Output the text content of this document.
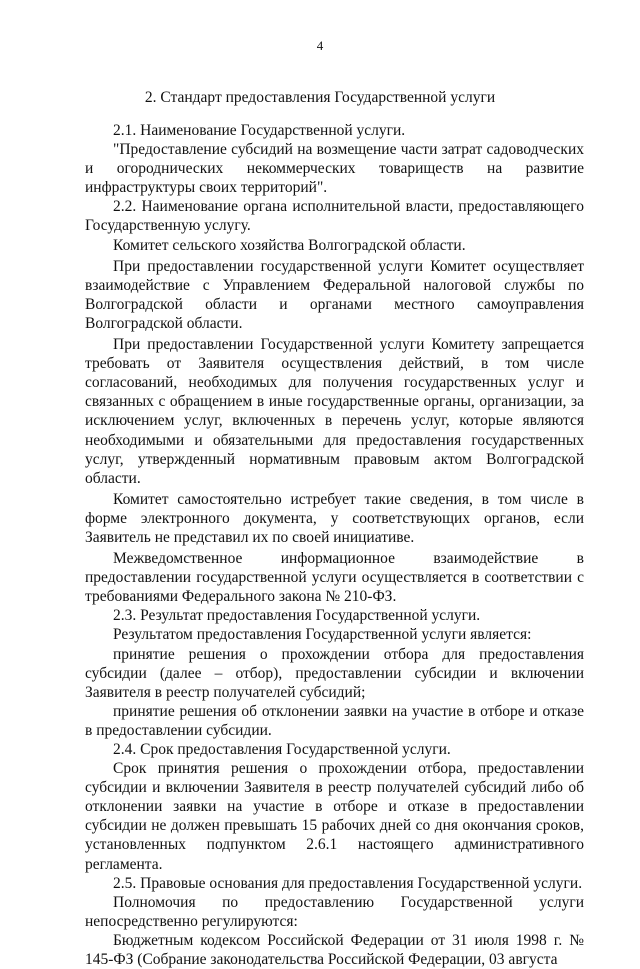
4
2. Стандарт предоставления Государственной услуги

2.1. Наименование Государственной услуги.

"Предоставление субсидий на возмещение части затрат садоводческих и огороднических некоммерческих товариществ на развитие инфраструктуры своих территорий".

2.2. Наименование органа исполнительной власти, предоставляющего Государственную услугу.

Комитет сельского хозяйства Волгоградской области.

При предоставлении государственной услуги Комитет осуществляет взаимодействие с Управлением Федеральной налоговой службы по Волгоградской области и органами местного самоуправления Волгоградской области.

При предоставлении Государственной услуги Комитету запрещается требовать от Заявителя осуществления действий, в том числе согласований, необходимых для получения государственных услуг и связанных с обращением в иные государственные органы, организации, за исключением услуг, включенных в перечень услуг, которые являются необходимыми и обязательными для предоставления государственных услуг, утвержденный нормативным правовым актом Волгоградской области.

Комитет самостоятельно истребует такие сведения, в том числе в форме электронного документа, у соответствующих органов, если Заявитель не представил их по своей инициативе.

Межведомственное информационное взаимодействие в предоставлении государственной услуги осуществляется в соответствии с требованиями Федерального закона № 210-ФЗ.

2.3. Результат предоставления Государственной услуги.

Результатом предоставления Государственной услуги является:

принятие решения о прохождении отбора для предоставления субсидии (далее – отбор), предоставлении субсидии и включении Заявителя в реестр получателей субсидий;

принятие решения об отклонении заявки на участие в отборе и отказе в предоставлении субсидии.

2.4. Срок предоставления Государственной услуги.

Срок принятия решения о прохождении отбора, предоставлении субсидии и включении Заявителя в реестр получателей субсидий либо об отклонении заявки на участие в отборе и отказе в предоставлении субсидии не должен превышать 15 рабочих дней со дня окончания сроков, установленных подпунктом 2.6.1 настоящего административного регламента.

2.5. Правовые основания для предоставления Государственной услуги.

Полномочия по предоставлению Государственной услуги непосредственно регулируются:

Бюджетным кодексом Российской Федерации от 31 июля 1998 г. № 145-ФЗ (Собрание законодательства Российской Федерации, 03 августа
